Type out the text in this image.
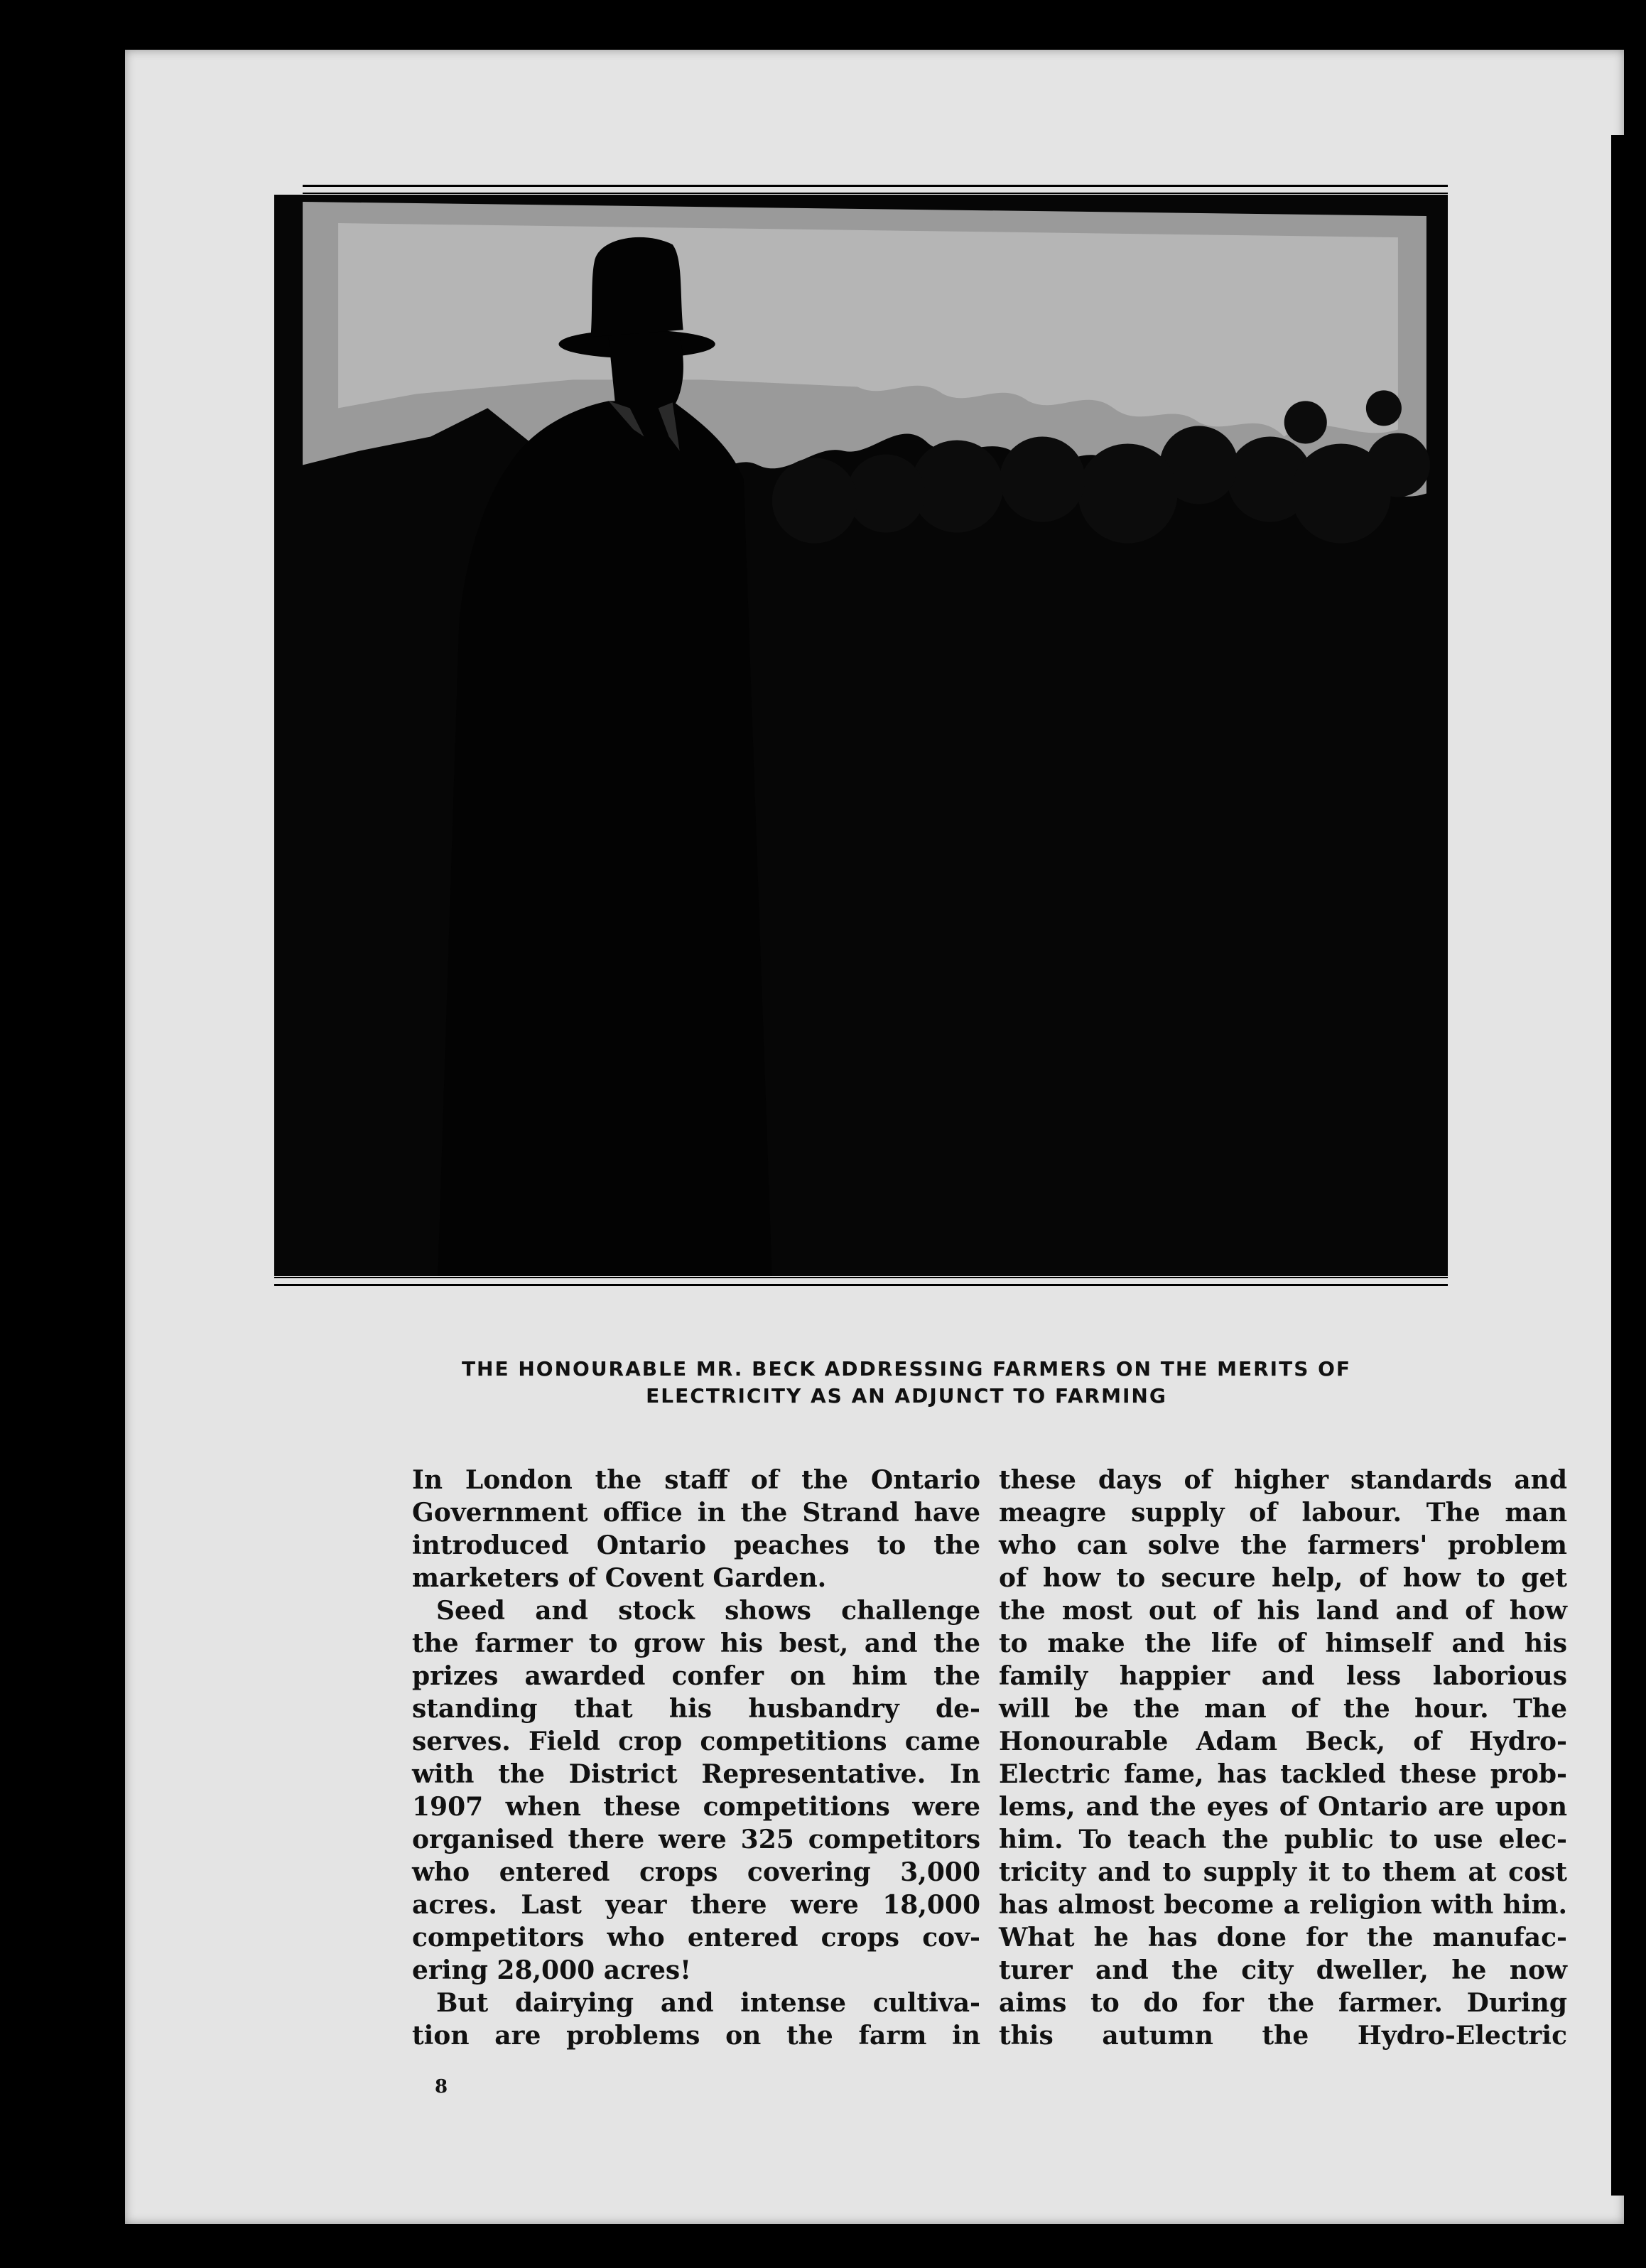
THE HONOURABLE MR. BECK ADDRESSING FARMERS ON THE MERITS OF
ELECTRICITY AS AN ADJUNCT TO FARMING
In London the staff of the Ontario
Government office in the Strand have
introduced Ontario peaches to the
marketers of Covent Garden.
Seed and stock shows challenge
the farmer to grow his best, and the
prizes awarded confer on him the
standing that his husbandry de-
serves. Field crop competitions came
with the District Representative. In
1907 when these competitions were
organised there were 325 competitors
who entered crops covering 3,000
acres. Last year there were 18,000
competitors who entered crops cov-
ering 28,000 acres!
But dairying and intense cultiva-
tion are problems on the farm in
these days of higher standards and
meagre supply of labour. The man
who can solve the farmers' problem
of how to secure help, of how to get
the most out of his land and of how
to make the life of himself and his
family happier and less laborious
will be the man of the hour. The
Honourable Adam Beck, of Hydro-
Electric fame, has tackled these prob-
lems, and the eyes of Ontario are upon
him. To teach the public to use elec-
tricity and to supply it to them at cost
has almost become a religion with him.
What he has done for the manufac-
turer and the city dweller, he now
aims to do for the farmer. During
this autumn the Hydro-Electric
8
